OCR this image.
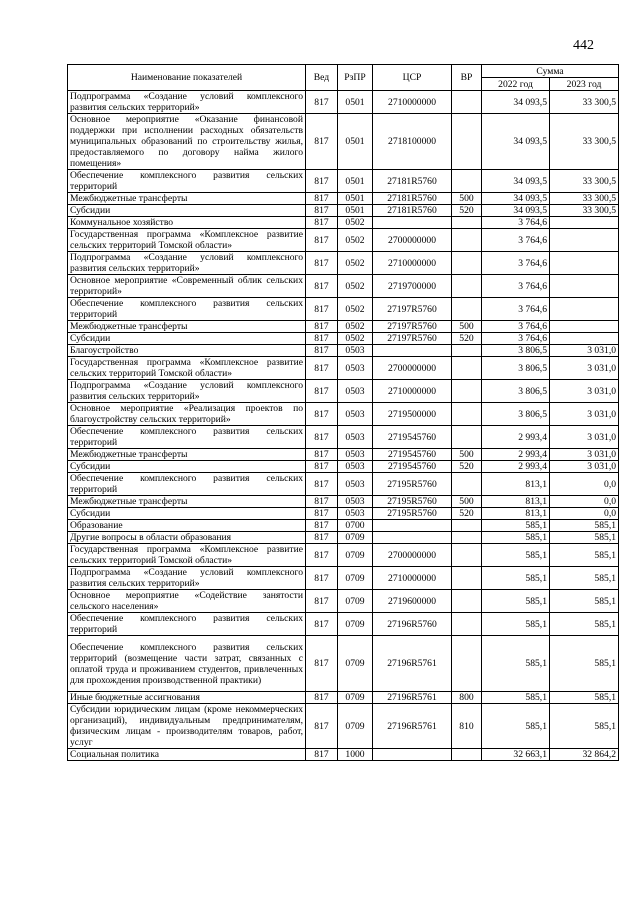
442
Наименование показателей	Вед	РзПР	ЦСР	ВР	Сумма	
					2022 год	2023 год
Подпрограмма «Создание условий комплексного развития сельских территорий»	817	0501	2710000000		34 093,5	33 300,5
Основное мероприятие «Оказание финансовой поддержки при исполнении расходных обязательств муниципальных образований по строительству жилья, предоставляемого по договору найма жилого помещения»	817	0501	2718100000		34 093,5	33 300,5
Обеспечение комплексного развития сельских территорий	817	0501	27181R5760		34 093,5	33 300,5
Межбюджетные трансферты	817	0501	27181R5760	500	34 093,5	33 300,5
Субсидии	817	0501	27181R5760	520	34 093,5	33 300,5
Коммунальное хозяйство	817	0502			3 764,6	
Государственная программа «Комплексное развитие сельских территорий Томской области»	817	0502	2700000000		3 764,6	
Подпрограмма «Создание условий комплексного развития сельских территорий»	817	0502	2710000000		3 764,6	
Основное мероприятие «Современный облик сельских территорий»	817	0502	2719700000		3 764,6	
Обеспечение комплексного развития сельских территорий	817	0502	27197R5760		3 764,6	
Межбюджетные трансферты	817	0502	27197R5760	500	3 764,6	
Субсидии	817	0502	27197R5760	520	3 764,6	
Благоустройство	817	0503			3 806,5	3 031,0
Государственная программа «Комплексное развитие сельских территорий Томской области»	817	0503	2700000000		3 806,5	3 031,0
Подпрограмма «Создание условий комплексного развития сельских территорий»	817	0503	2710000000		3 806,5	3 031,0
Основное мероприятие «Реализация проектов по благоустройству сельских территорий»	817	0503	2719500000		3 806,5	3 031,0
Обеспечение комплексного развития сельских территорий	817	0503	2719545760		2 993,4	3 031,0
Межбюджетные трансферты	817	0503	2719545760	500	2 993,4	3 031,0
Субсидии	817	0503	2719545760	520	2 993,4	3 031,0
Обеспечение комплексного развития сельских территорий	817	0503	27195R5760		813,1	0,0
Межбюджетные трансферты	817	0503	27195R5760	500	813,1	0,0
Субсидии	817	0503	27195R5760	520	813,1	0,0
Образование	817	0700			585,1	585,1
Другие вопросы в области образования	817	0709			585,1	585,1
Государственная программа «Комплексное развитие сельских территорий Томской области»	817	0709	2700000000		585,1	585,1
Подпрограмма «Создание условий комплексного развития сельских территорий»	817	0709	2710000000		585,1	585,1
Основное мероприятие «Содействие занятости сельского населения»	817	0709	2719600000		585,1	585,1
Обеспечение комплексного развития сельских территорий	817	0709	27196R5760		585,1	585,1
Обеспечение комплексного развития сельских территорий (возмещение части затрат, связанных с оплатой труда и проживанием студентов, привлеченных для прохождения производственной практики)	817	0709	27196R5761		585,1	585,1
Иные бюджетные ассигнования	817	0709	27196R5761	800	585,1	585,1
Субсидии юридическим лицам (кроме некоммерческих организаций), индивидуальным предпринимателям, физическим лицам - производителям товаров, работ, услуг	817	0709	27196R5761	810	585,1	585,1
Социальная политика	817	1000			32 663,1	32 864,2
